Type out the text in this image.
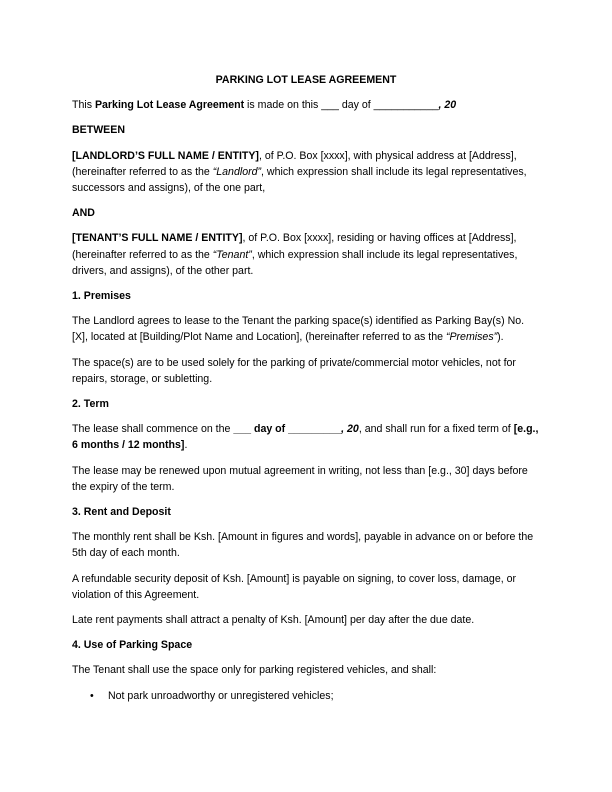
PARKING LOT LEASE AGREEMENT

This Parking Lot Lease Agreement is made on this ___ day of ___________, 20

BETWEEN

[LANDLORD’S FULL NAME / ENTITY], of P.O. Box [xxxx], with physical address at [Address], (hereinafter referred to as the “Landlord”, which expression shall include its legal representatives, successors and assigns), of the one part,

AND

[TENANT’S FULL NAME / ENTITY], of P.O. Box [xxxx], residing or having offices at [Address], (hereinafter referred to as the “Tenant”, which expression shall include its legal representatives, drivers, and assigns), of the other part.

1. Premises

The Landlord agrees to lease to the Tenant the parking space(s) identified as Parking Bay(s) No. [X], located at [Building/Plot Name and Location], (hereinafter referred to as the “Premises”).

The space(s) are to be used solely for the parking of private/commercial motor vehicles, not for repairs, storage, or subletting.

2. Term

The lease shall commence on the ___ day of _________, 20, and shall run for a fixed term of [e.g., 6 months / 12 months].

The lease may be renewed upon mutual agreement in writing, not less than [e.g., 30] days before the expiry of the term.

3. Rent and Deposit

The monthly rent shall be Ksh. [Amount in figures and words], payable in advance on or before the 5th day of each month.

A refundable security deposit of Ksh. [Amount] is payable on signing, to cover loss, damage, or violation of this Agreement.

Late rent payments shall attract a penalty of Ksh. [Amount] per day after the due date.

4. Use of Parking Space

The Tenant shall use the space only for parking registered vehicles, and shall:

• Not park unroadworthy or unregistered vehicles;
